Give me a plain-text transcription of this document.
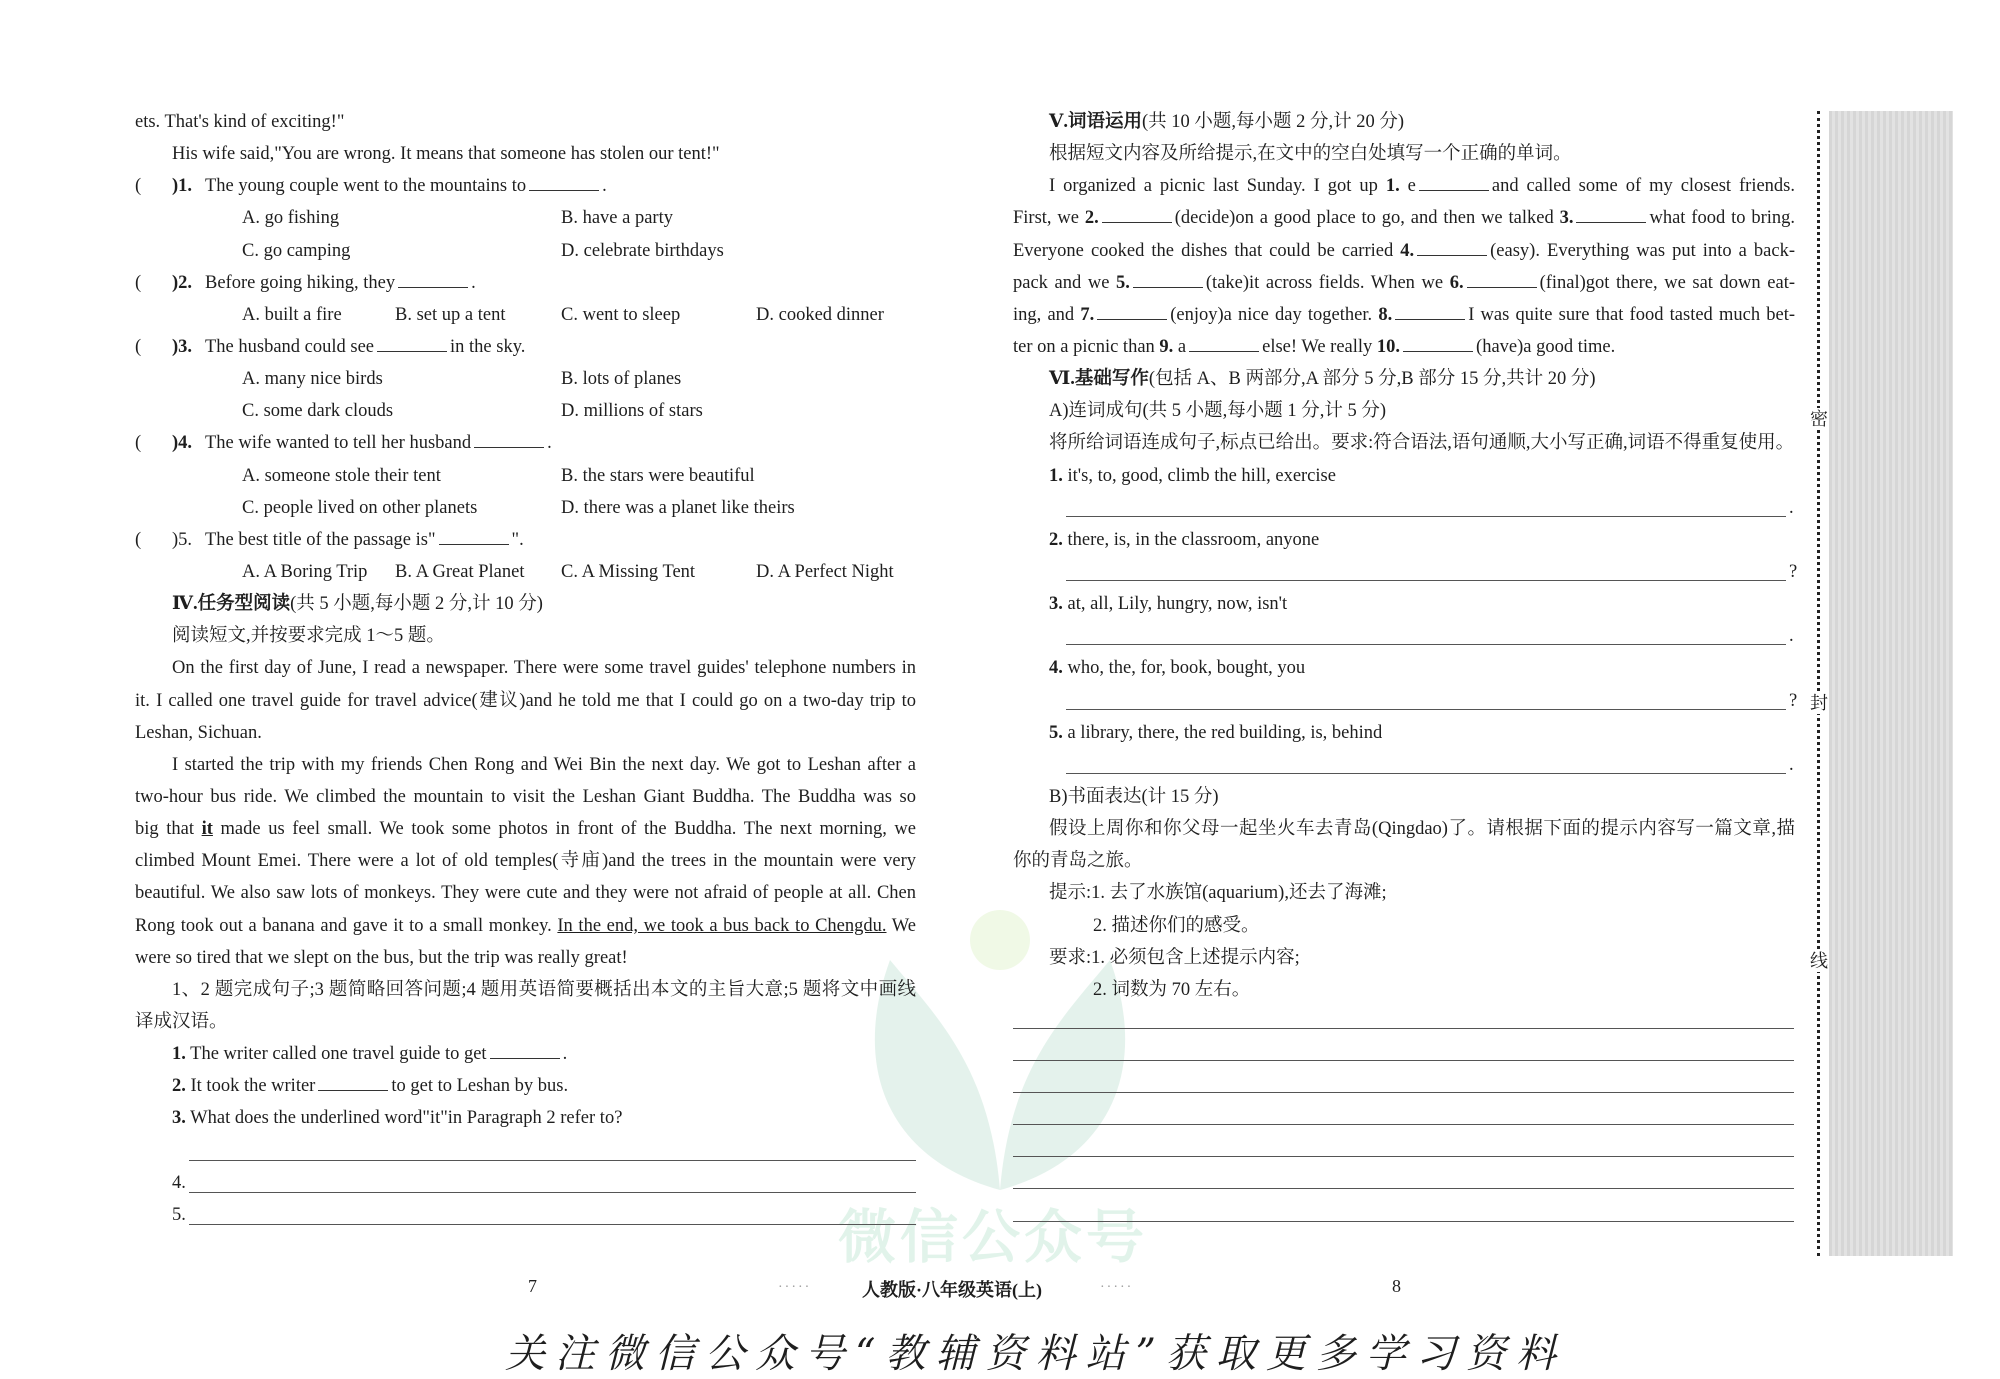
微信公众号
ets. That's kind of exciting!"
His wife said,"You are wrong. It means that someone has stolen our tent!"
( )1. The young couple went to the mountains to	.
A. go fishing	B. have a party
C. go camping	D. celebrate birthdays
( )2. Before going hiking, they	.
A. built a fire	B. set up a tent	C. went to sleep	D. cooked dinner
( )3. The husband could see	in the sky.
A. many nice birds	B. lots of planes
C. some dark clouds	D. millions of stars
( )4. The wife wanted to tell her husband	.
A. someone stole their tent	B. the stars were beautiful
C. people lived on other planets	D. there was a planet like theirs
( )5. The best title of the passage is"	".
A. A Boring Trip B. A Great Planet C. A Missing Tent	D. A Perfect Night
Ⅳ.任务型阅读(共 5 小题,每小题 2 分,计 10 分)
阅读短文,并按要求完成 1～5 题。
On the first day of June, I read a newspaper. There were some travel guides' telephone numbers in
it. I called one travel guide for travel advice(建议)and he told me that I could go on a two-day trip to
Leshan, Sichuan.
I started the trip with my friends Chen Rong and Wei Bin the next day. We got to Leshan after a
two-hour bus ride. We climbed the mountain to visit the Leshan Giant Buddha. The Buddha was so
big that it made us feel small. We took some photos in front of the Buddha. The next morning, we
climbed Mount Emei. There were a lot of old temples(寺庙)and the trees in the mountain were very
beautiful. We also saw lots of monkeys. They were cute and they were not afraid of people at all. Chen
Rong took out a banana and gave it to a small monkey. In the end, we took a bus back to Chengdu. We
were so tired that we slept on the bus, but the trip was really great!
1、2 题完成句子;3 题简略回答问题;4 题用英语简要概括出本文的主旨大意;5 题将文中画线
译成汉语。
1. The writer called one travel guide to get	.
2. It took the writer	to get to Leshan by bus.
3. What does the underlined word"it"in Paragraph 2 refer to?
4.
5.
Ⅴ.词语运用(共 10 小题,每小题 2 分,计 20 分)
根据短文内容及所给提示,在文中的空白处填写一个正确的单词。
I organized a picnic last Sunday. I got up 1. e	and called some of my closest friends.
First, we 2.	(decide)on a good place to go, and then we talked 3.	what food to bring.
Everyone cooked the dishes that could be carried 4.	(easy). Everything was put into a back-
pack and we 5.	(take)it across fields. When we 6.	(final)got there, we sat down eat-
ing, and 7.	(enjoy)a nice day together. 8.	I was quite sure that food tasted much bet-
ter on a picnic than 9. a	else! We really 10.	(have)a good time.
Ⅵ.基础写作(包括 A、B 两部分,A 部分 5 分,B 部分 15 分,共计 20 分)
A)连词成句(共 5 小题,每小题 1 分,计 5 分)
将所给词语连成句子,标点已给出。要求:符合语法,语句通顺,大小写正确,词语不得重复使用。
1. it's, to, good, climb the hill, exercise
.
2. there, is, in the classroom, anyone
?
3. at, all, Lily, hungry, now, isn't
.
4. who, the, for, book, bought, you
?
5. a library, there, the red building, is, behind
.
B)书面表达(计 15 分)
假设上周你和你父母一起坐火车去青岛(Qingdao)了。请根据下面的提示内容写一篇文章,描
你的青岛之旅。
提示:1. 去了水族馆(aquarium),还去了海滩;
2. 描述你们的感受。
要求:1. 必须包含上述提示内容;
2. 词数为 70 左右。
密
封
线
7	·····	人教版·八年级英语(上)	·····	8
关注微信公众号“教辅资料站”获取更多学习资料
